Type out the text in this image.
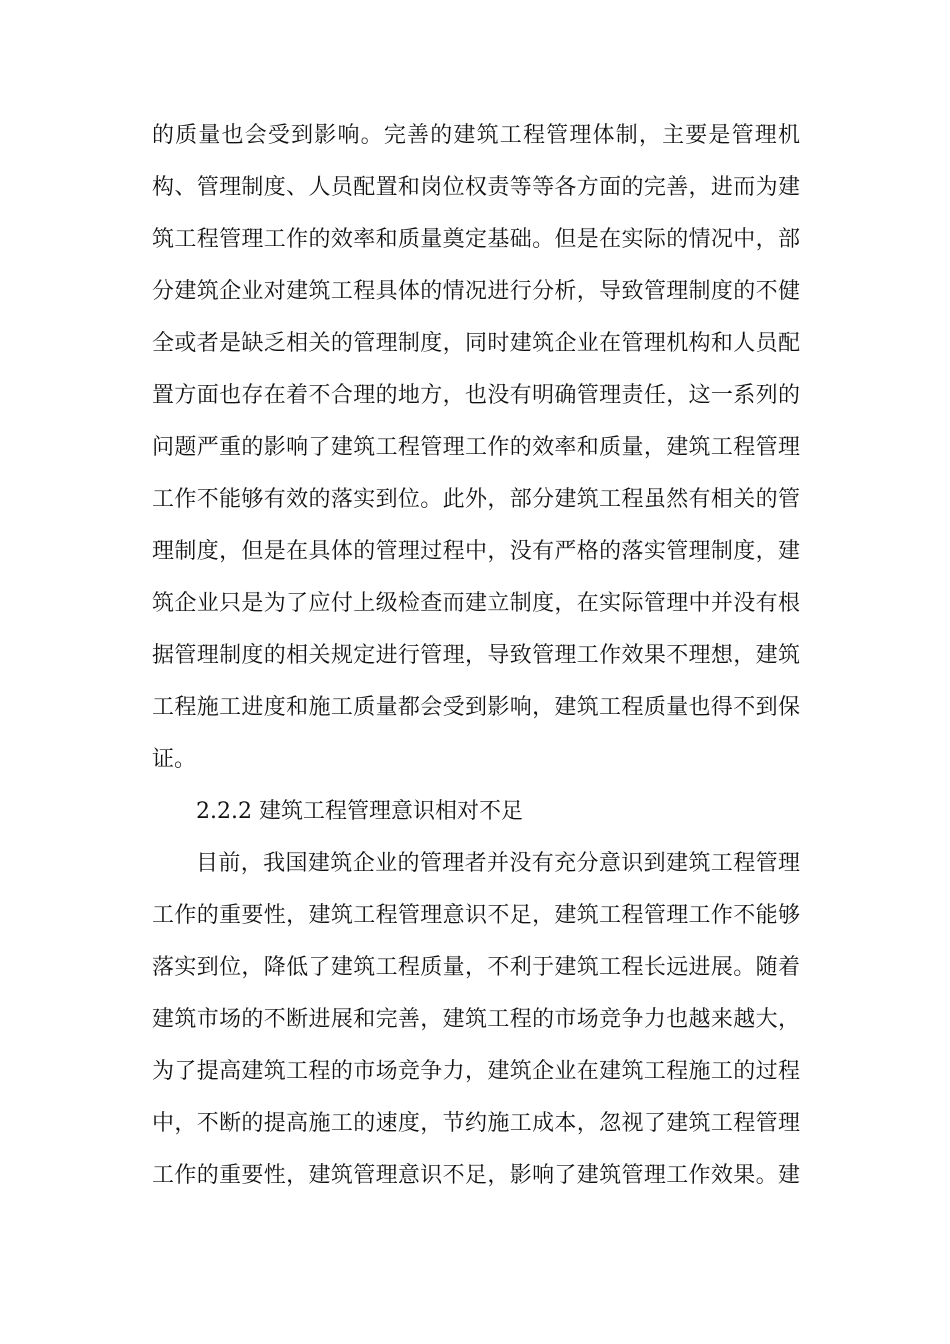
的质量也会受到影响。完善的建筑工程管理体制，主要是管理机
构、管理制度、人员配置和岗位权责等等各方面的完善，进而为建
筑工程管理工作的效率和质量奠定基础。但是在实际的情况中，部
分建筑企业对建筑工程具体的情况进行分析，导致管理制度的不健
全或者是缺乏相关的管理制度，同时建筑企业在管理机构和人员配
置方面也存在着不合理的地方，也没有明确管理责任，这一系列的
问题严重的影响了建筑工程管理工作的效率和质量，建筑工程管理
工作不能够有效的落实到位。此外，部分建筑工程虽然有相关的管
理制度，但是在具体的管理过程中，没有严格的落实管理制度，建
筑企业只是为了应付上级检查而建立制度，在实际管理中并没有根
据管理制度的相关规定进行管理，导致管理工作效果不理想，建筑
工程施工进度和施工质量都会受到影响，建筑工程质量也得不到保
证。
2.2.2 建筑工程管理意识相对不足
目前，我国建筑企业的管理者并没有充分意识到建筑工程管理
工作的重要性，建筑工程管理意识不足，建筑工程管理工作不能够
落实到位，降低了建筑工程质量，不利于建筑工程长远进展。随着
建筑市场的不断进展和完善，建筑工程的市场竞争力也越来越大，
为了提高建筑工程的市场竞争力，建筑企业在建筑工程施工的过程
中，不断的提高施工的速度，节约施工成本，忽视了建筑工程管理
工作的重要性，建筑管理意识不足，影响了建筑管理工作效果。建
